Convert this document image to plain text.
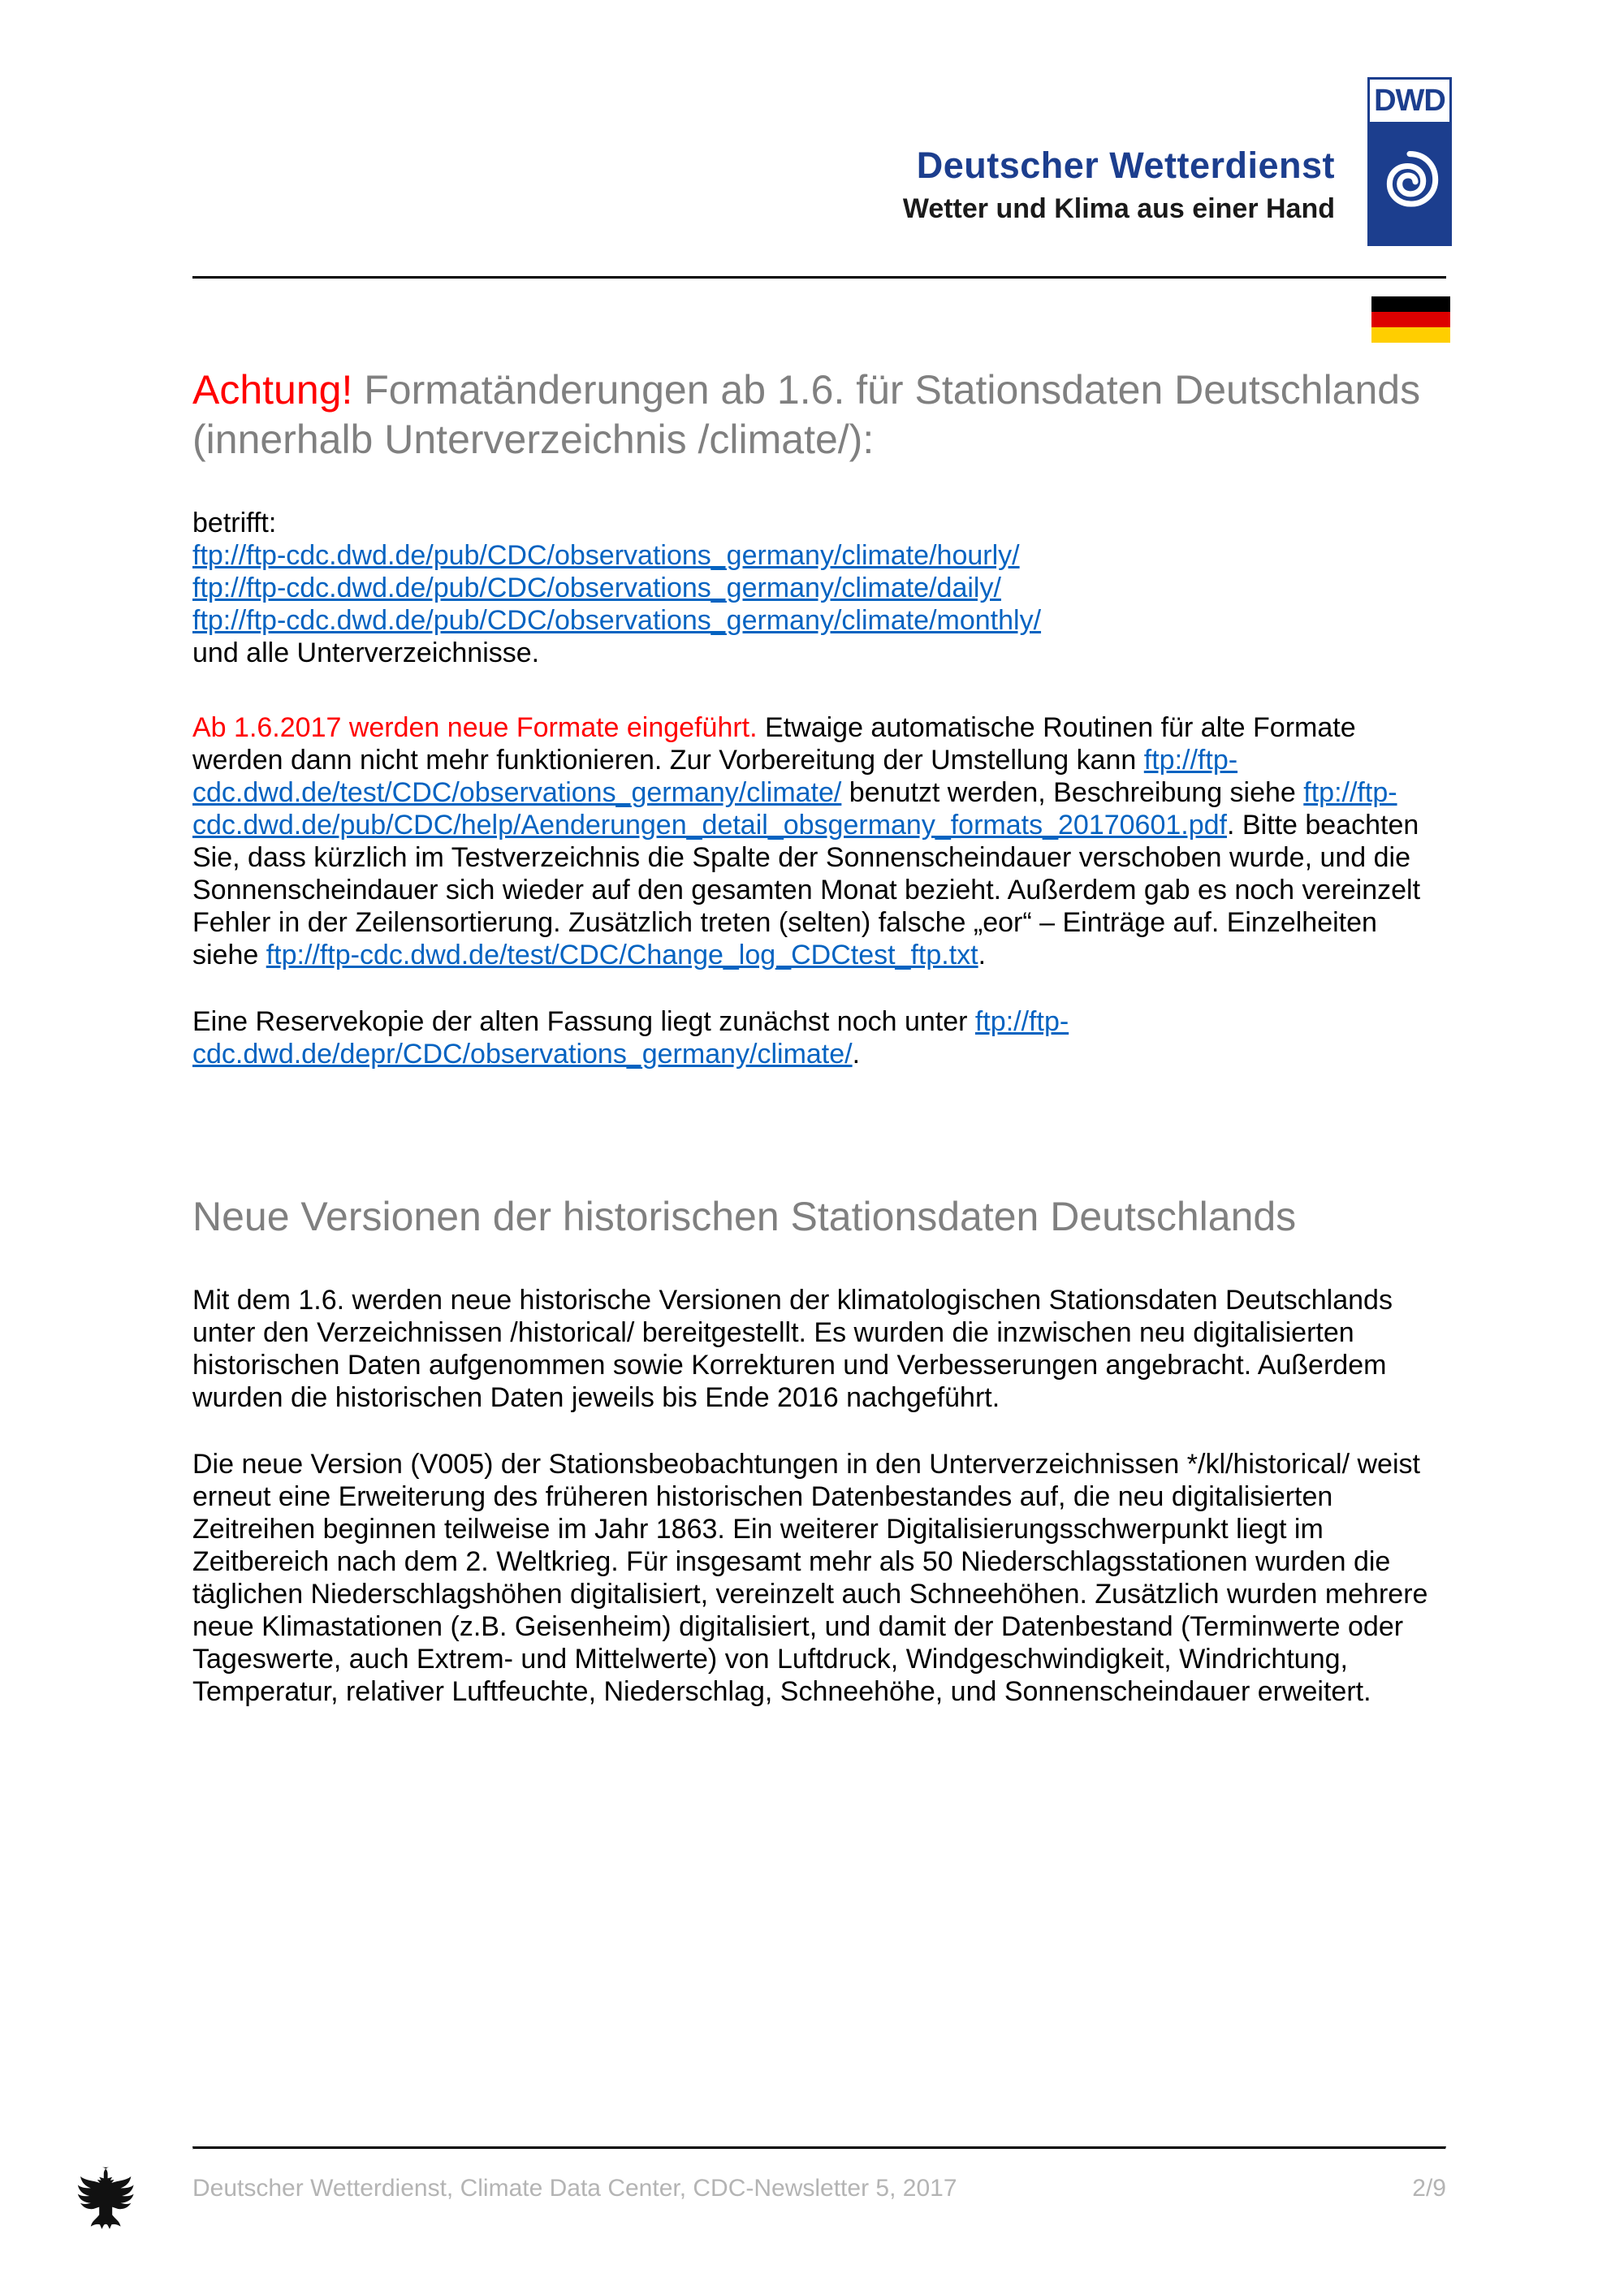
Deutscher Wetterdienst
Wetter und Klima aus einer Hand
DWD
Achtung! Formatänderungen ab 1.6. für Stationsdaten Deutschlands (innerhalb Unterverzeichnis /climate/):
betrifft:
ftp://ftp-cdc.dwd.de/pub/CDC/observations_germany/climate/hourly/
ftp://ftp-cdc.dwd.de/pub/CDC/observations_germany/climate/daily/
ftp://ftp-cdc.dwd.de/pub/CDC/observations_germany/climate/monthly/
und alle Unterverzeichnisse.

Ab 1.6.2017 werden neue Formate eingeführt. Etwaige automatische Routinen für alte Formate werden dann nicht mehr funktionieren. Zur Vorbereitung der Umstellung kann ftp://ftp-cdc.dwd.de/test/CDC/observations_germany/climate/ benutzt werden, Beschreibung siehe ftp://ftp-cdc.dwd.de/pub/CDC/help/Aenderungen_detail_obsgermany_formats_20170601.pdf. Bitte beachten Sie, dass kürzlich im Testverzeichnis die Spalte der Sonnenscheindauer verschoben wurde, und die Sonnenscheindauer sich wieder auf den gesamten Monat bezieht. Außerdem gab es noch vereinzelt Fehler in der Zeilensortierung. Zusätzlich treten (selten) falsche „eor“ – Einträge auf. Einzelheiten siehe ftp://ftp-cdc.dwd.de/test/CDC/Change_log_CDCtest_ftp.txt.

Eine Reservekopie der alten Fassung liegt zunächst noch unter ftp://ftp-cdc.dwd.de/depr/CDC/observations_germany/climate/.

Neue Versionen der historischen Stationsdaten Deutschlands

Mit dem 1.6. werden neue historische Versionen der klimatologischen Stationsdaten Deutschlands unter den Verzeichnissen /historical/ bereitgestellt. Es wurden die inzwischen neu digitalisierten historischen Daten aufgenommen sowie Korrekturen und Verbesserungen angebracht. Außerdem wurden die historischen Daten jeweils bis Ende 2016 nachgeführt.

Die neue Version (V005) der Stationsbeobachtungen in den Unterverzeichnissen */kl/historical/ weist erneut eine Erweiterung des früheren historischen Datenbestandes auf, die neu digitalisierten Zeitreihen beginnen teilweise im Jahr 1863. Ein weiterer Digitalisierungsschwerpunkt liegt im Zeitbereich nach dem 2. Weltkrieg. Für insgesamt mehr als 50 Niederschlagsstationen wurden die täglichen Niederschlagshöhen digitalisiert, vereinzelt auch Schneehöhen. Zusätzlich wurden mehrere neue Klimastationen (z.B. Geisenheim) digitalisiert, und damit der Datenbestand (Terminwerte oder Tageswerte, auch Extrem- und Mittelwerte) von Luftdruck, Windgeschwindigkeit, Windrichtung, Temperatur, relativer Luftfeuchte, Niederschlag, Schneehöhe, und Sonnenscheindauer erweitert.

Deutscher Wetterdienst, Climate Data Center, CDC-Newsletter 5, 2017	2/9
